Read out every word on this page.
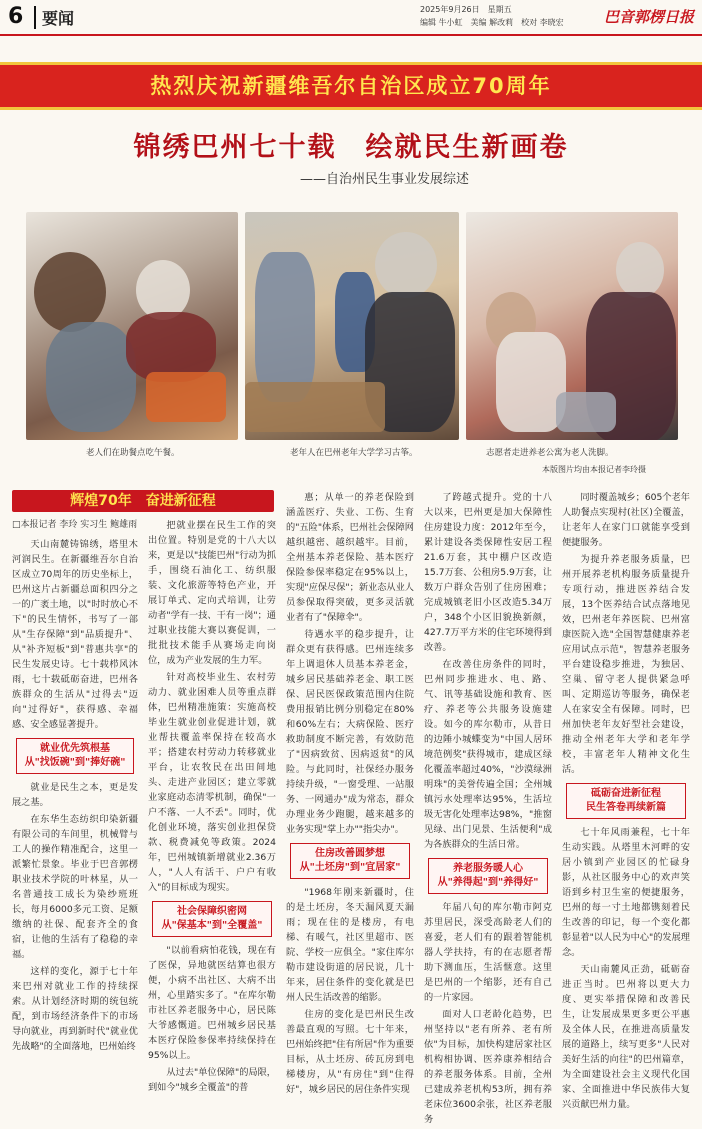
6	要闻	2025年9月26日　星期五
编辑 牛小虹　美编 解改莉　校对 李晓宏	巴音郭楞日报
热烈庆祝新疆维吾尔自治区成立70周年
锦绣巴州七十载　绘就民生新画卷
——自治州民生事业发展综述
老人们在助餐点吃午餐。	老年人在巴州老年大学学习古筝。	志愿者走进养老公寓为老人洗脚。
本版图片均由本报记者李玲摄
辉煌70年　奋进新征程
□本报记者 李玲 实习生 鲍雄雨

天山南麓铸锦绣，塔里木河润民生。在新疆维吾尔自治区成立70周年的历史坐标上，巴州这片占新疆总面积四分之一的广袤土地，以"时时放心不下"的民生情怀，书写了一部从"生存保障"到"品质提升"、从"补齐短板"到"普惠共享"的民生发展史诗。七十载栉风沐雨，七十载砥砺奋进，巴州各族群众的生活从"过得去"迈向"过得好"，获得感、幸福感、安全感显著提升。

就业优先筑根基
从"找饭碗"到"捧好碗"

就业是民生之本，更是发展之基。

在东华生态纺织印染新疆有限公司的车间里，机械臂与工人的操作精准配合，这里一派繁忙景象。毕业于巴音郭楞职业技术学院的叶林星，从一名普通技工成长为染纱班班长，每月6000多元工资、足额缴纳的社保、配套齐全的食宿，让他的生活有了稳稳的幸福。

这样的变化，源于七十年来巴州对就业工作的持续探索。从计划经济时期的统包统配，到市场经济条件下的市场导向就业，再到新时代"就业优先战略"的全面落地，巴州始终

把就业摆在民生工作的突出位置。特别是党的十八大以来，更是以"技能巴州"行动为抓手，围绕石油化工、纺织服装、文化旅游等特色产业，开展订单式、定向式培训，让劳动者"学有一技、干有一岗"；通过职业技能大赛以赛促训，一批批技术能手从赛场走向岗位，成为产业发展的生力军。

针对高校毕业生、农村劳动力、就业困难人员等重点群体，巴州精准施策：实施高校毕业生就业创业促进计划，就业帮扶覆盖率保持在较高水平；搭建农村劳动力转移就业平台，让农牧民在出田间地头、走进产业园区；建立零就业家庭动态清零机制，确保"一户不落、一人不丢"。同时，优化创业环境，落实创业担保贷款、税费减免等政策。2024年，巴州城镇新增就业2.36万人，"人人有活干、户户有收入"的目标成为现实。

社会保障织密网
从"保基本"到"全覆盖"

"以前看病怕花钱，现在有了医保，异地就医结算也很方便，小病不出社区、大病不出州，心里踏实多了。"在库尔勒市社区养老服务中心，居民陈大爷感慨道。巴州城乡居民基本医疗保险参保率持续保持在95%以上。

从过去"单位保障"的局限，到如今"城乡全覆盖"的普

惠；从单一的养老保险到涵盖医疗、失业、工伤、生育的"五险"体系，巴州社会保障网越织越密、越织越牢。目前，全州基本养老保险、基本医疗保险参保率稳定在95%以上，实现"应保尽保"；新业态从业人员参保取得突破，更多灵活就业者有了"保障伞"。

待遇水平的稳步提升，让群众更有获得感。巴州连续多年上调退休人员基本养老金，城乡居民基础养老金、职工医保、居民医保政策范围内住院费用报销比例分别稳定在80%和60%左右；大病保险、医疗救助制度不断完善，有效防范了"因病致贫、因病返贫"的风险。与此同时，社保经办服务持续升级，"一窗受理、一站服务、一网通办"成为常态，群众办理业务少跑腿，越来越多的业务实现"掌上办""指尖办"。

住房改善圆梦想
从"土坯房"到"宜居家"

"1968年刚来新疆时，住的是土坯房，冬天漏风夏天漏雨；现在住的是楼房，有电梯、有暖气，社区里超市、医院、学校一应俱全。"家住库尔勒市建设街道的居民说，几十年来，居住条件的变化就是巴州人民生活改善的缩影。

住房的变化是巴州民生改善最直观的写照。七十年来，巴州始终把"住有所居"作为重要目标，从土坯房、砖瓦房到电梯楼房，从"有房住"到"住得好"，城乡居民的居住条件实现

了跨越式提升。党的十八大以来，巴州更是加大保障性住房建设力度：2012年至今，累计建设各类保障性安居工程21.6万套，其中棚户区改造15.7万套、公租房5.9万套，让数万户群众告别了住房困难；完成城镇老旧小区改造5.34万户，348个小区旧貌换新颜，427.7万平方米的住宅环境得到改善。

在改善住房条件的同时，巴州同步推进水、电、路、气、讯等基础设施和教育、医疗、养老等公共服务设施建设。如今的库尔勒市，从昔日的边陲小城蝶变为"中国人居环境范例奖"获得城市，建成区绿化覆盖率超过40%，"沙漠绿洲明珠"的美誉传遍全国；全州城镇污水处理率达95%，生活垃圾无害化处理率达98%，"推窗见绿、出门见景、生活便利"成为各族群众的生活日常。

养老服务暖人心
从"养得起"到"养得好"

年届八旬的库尔勒市阿克苏里居民，深受高龄老人们的喜爱，老人们有的跟着智能机器人学扶持，有的在志愿者帮助下测血压，生活惬意。这里是巴州的一个缩影，还有自己的一片家园。

面对人口老龄化趋势，巴州坚持以"老有所养、老有所依"为目标，加快构建居家社区机构相协调、医养康养相结合的养老服务体系。目前，全州已建成养老机构53所，拥有养老床位3600余张，社区养老服务

同时覆盖城乡；605个老年人助餐点实现村(社区)全覆盖，让老年人在家门口就能享受到便捷服务。

为提升养老服务质量，巴州开展养老机构服务质量提升专项行动，推进医养结合发展，13个医养结合试点落地见效，巴州老年养医院、巴州富康医院入选"全国智慧健康养老应用试点示范"，智慧养老服务平台建设稳步推进，为独居、空巢、留守老人提供紧急呼叫、定期巡访等服务，确保老人在家安全有保障。同时，巴州加快老年友好型社会建设，推动全州老年大学和老年学校，丰富老年人精神文化生活。

砥砺奋进新征程
民生答卷再续新篇

七十年风雨兼程，七十年生动实践。从塔里木河畔的安居小镇到产业园区的忙碌身影，从社区服务中心的欢声笑语到乡村卫生室的便捷服务，巴州的每一寸土地都镌刻着民生改善的印记，每一个变化都彰显着"以人民为中心"的发展理念。

天山南麓风正劲，砥砺奋进正当时。巴州将以更大力度、更实举措保障和改善民生，让发展成果更多更公平惠及全体人民，在推进高质量发展的道路上，续写更多"人民对美好生活的向往"的巴州篇章，为全面建设社会主义现代化国家、全面推进中华民族伟大复兴贡献巴州力量。
